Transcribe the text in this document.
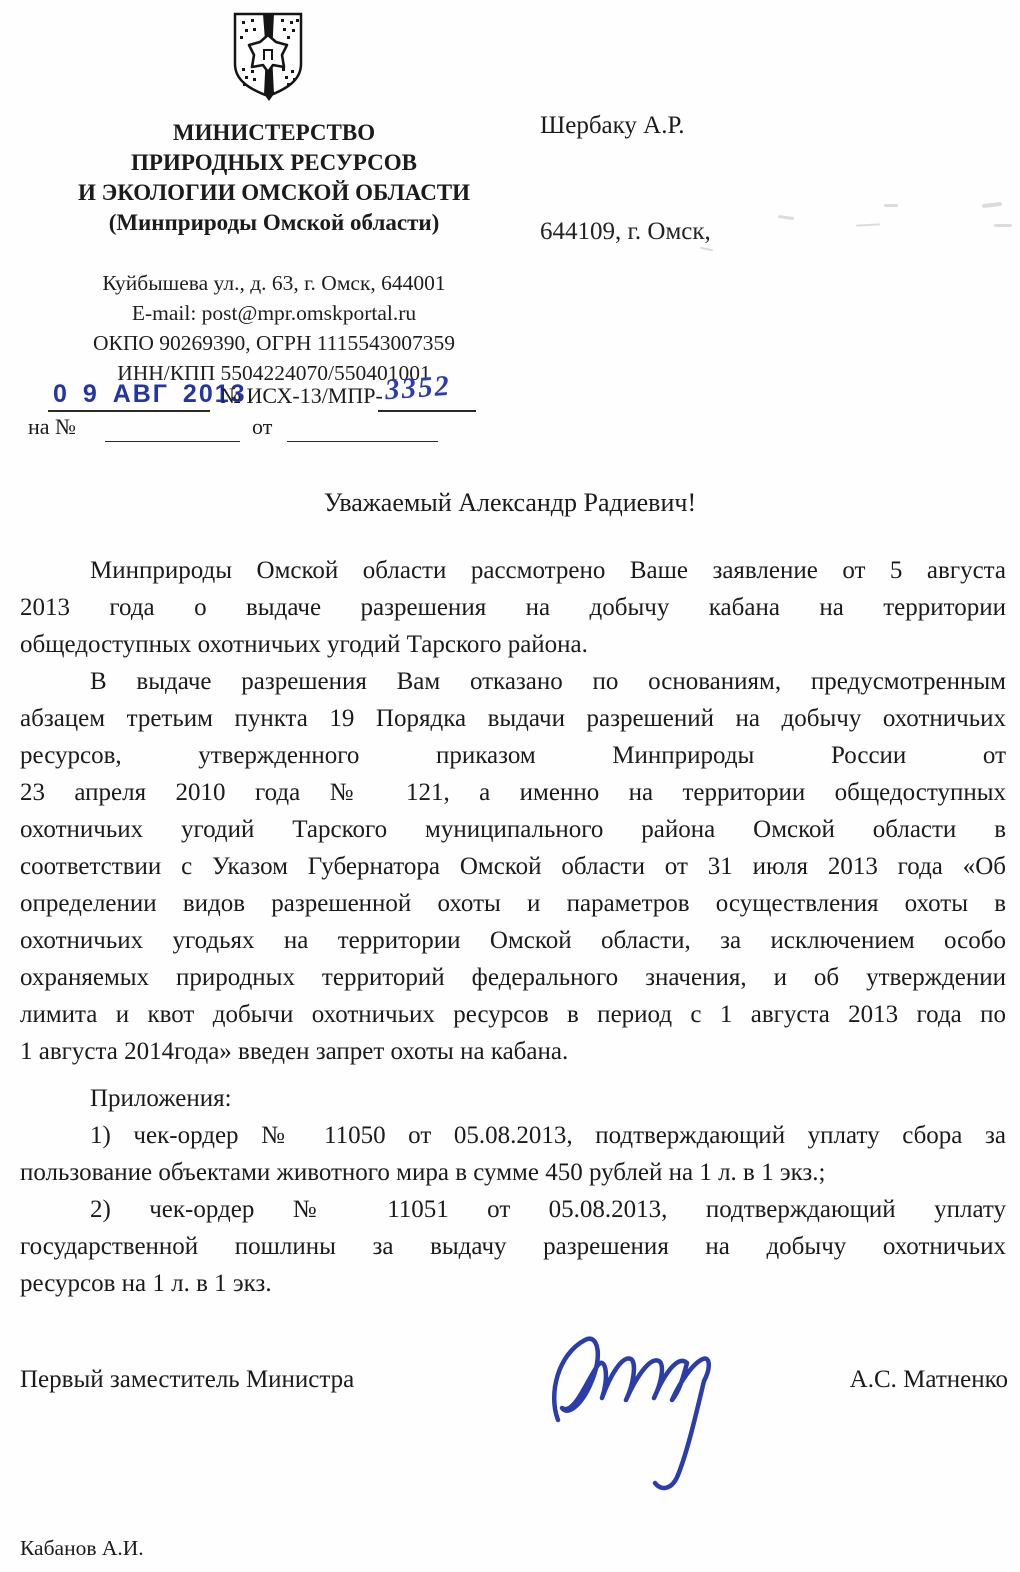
МИНИСТЕРСТВО
ПРИРОДНЫХ РЕСУРСОВ
И ЭКОЛОГИИ ОМСКОЙ ОБЛАСТИ
(Минприроды Омской области)
Куйбышева ул., д. 63, г. Омск, 644001
E-mail: post@mpr.omskportal.ru
ОКПО 90269390, ОГРН 1115543007359
ИНН/КПП 5504224070/550401001
0 9 АВГ 2013
№ ИСХ-13/МПР- 3352
на №	от
Шербаку А.Р.
644109, г. Омск,
Уважаемый Александр Радиевич!
Минприроды Омской области рассмотрено Ваше заявление от 5 августа
2013 года о выдаче разрешения на добычу кабана на территории
общедоступных охотничьих угодий Тарского района.
В выдаче разрешения Вам отказано по основаниям, предусмотренным
абзацем третьим пункта 19 Порядка выдачи разрешений на добычу охотничьих
ресурсов, утвержденного приказом Минприроды России от
23 апреля 2010 года № 121, а именно на территории общедоступных
охотничьих угодий Тарского муниципального района Омской области в
соответствии с Указом Губернатора Омской области от 31 июля 2013 года «Об
определении видов разрешенной охоты и параметров осуществления охоты в
охотничьих угодьях на территории Омской области, за исключением особо
охраняемых природных территорий федерального значения, и об утверждении
лимита и квот добычи охотничьих ресурсов в период с 1 августа 2013 года по
1 августа 2014года» введен запрет охоты на кабана.
Приложения:
1) чек-ордер № 11050 от 05.08.2013, подтверждающий уплату сбора за
пользование объектами животного мира в сумме 450 рублей на 1 л. в 1 экз.;
2) чек-ордер № 11051 от 05.08.2013, подтверждающий уплату
государственной пошлины за выдачу разрешения на добычу охотничьих
ресурсов на 1 л. в 1 экз.
Первый заместитель Министра	А.С. Матненко
Кабанов А.И.
